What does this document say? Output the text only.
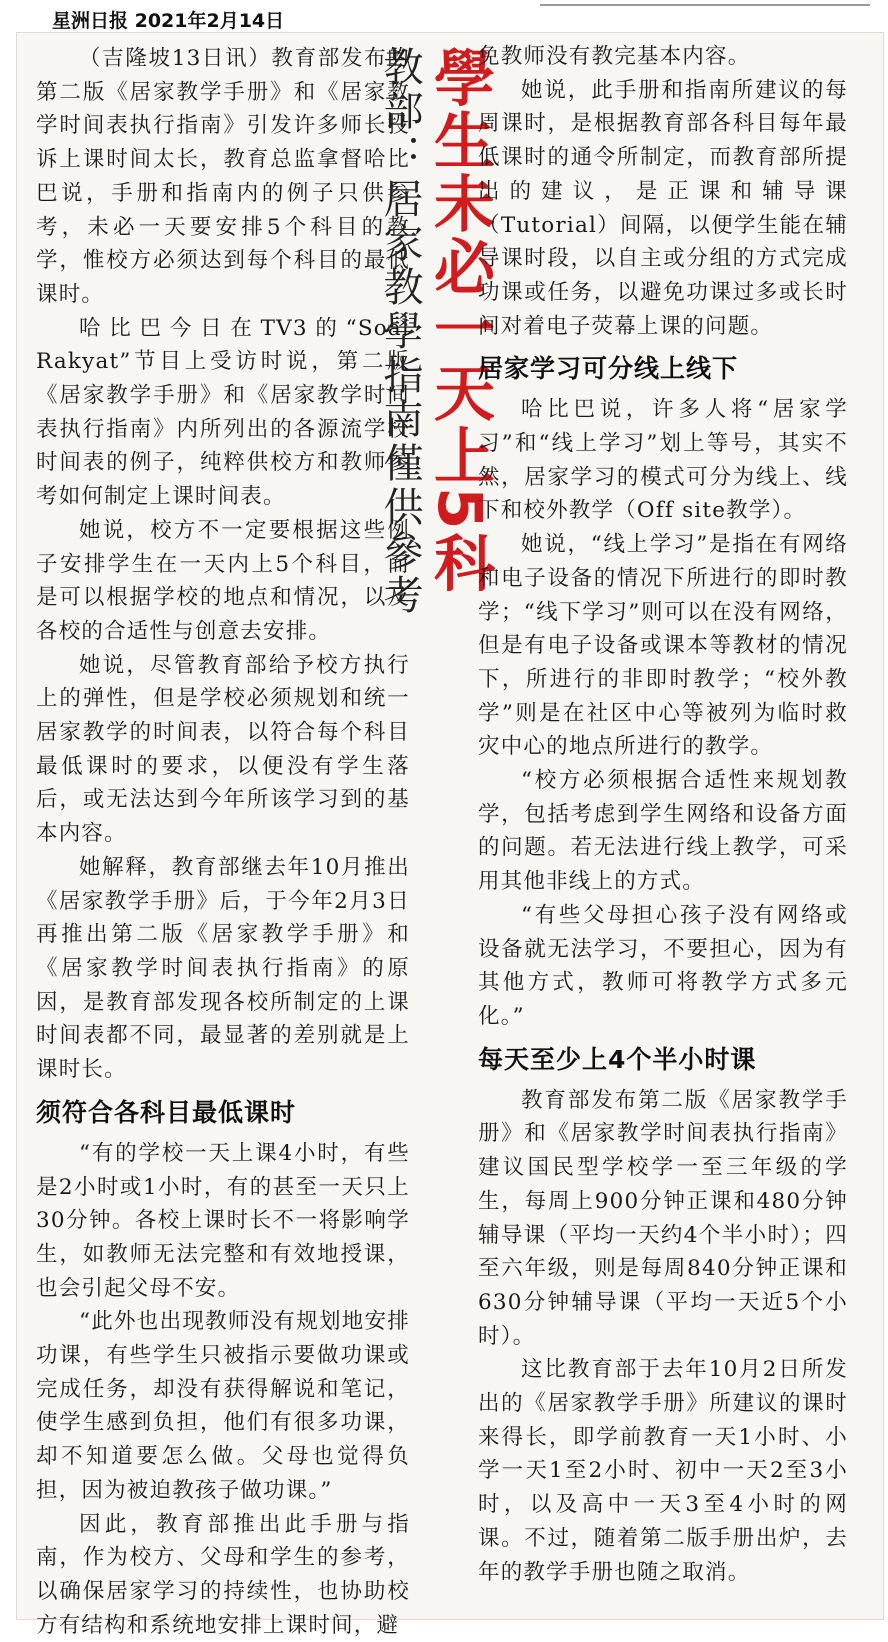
星洲日报 2021年2月14日

（吉隆坡13日讯）教育部发布的第二版《居家教学手册》和《居家教学时间表执行指南》引发许多师长投诉上课时间太长，教育总监拿督哈比巴说，手册和指南内的例子只供参考，未必一天要安排5个科目的教学，惟校方必须达到每个科目的最低课时。

哈比巴今日在TV3的“Soal Rakyat”节目上受访时说，第二版《居家教学手册》和《居家教学时间表执行指南》内所列出的各源流学校时间表的例子，纯粹供校方和教师参考如何制定上课时间表。

她说，校方不一定要根据这些例子安排学生在一天内上5个科目，而是可以根据学校的地点和情况，以及各校的合适性与创意去安排。

她说，尽管教育部给予校方执行上的弹性，但是学校必须规划和统一居家教学的时间表，以符合每个科目最低课时的要求，以便没有学生落后，或无法达到今年所该学习到的基本内容。

她解释，教育部继去年10月推出《居家教学手册》后，于今年2月3日再推出第二版《居家教学手册》和《居家教学时间表执行指南》的原因，是教育部发现各校所制定的上课时间表都不同，最显著的差别就是上课时长。

须符合各科目最低课时

“有的学校一天上课4小时，有些是2小时或1小时，有的甚至一天只上30分钟。各校上课时长不一将影响学生，如教师无法完整和有效地授课，也会引起父母不安。

“此外也出现教师没有规划地安排功课，有些学生只被指示要做功课或完成任务，却没有获得解说和笔记，使学生感到负担，他们有很多功课，却不知道要怎么做。父母也觉得负担，因为被迫教孩子做功课。”

因此，教育部推出此手册与指南，作为校方、父母和学生的参考，以确保居家学习的持续性，也协助校方有结构和系统地安排上课时间，避

教部：居家教學指南僅供參考 學生未必一天上5科

免教师没有教完基本内容。

她说，此手册和指南所建议的每周课时，是根据教育部各科目每年最低课时的通令所制定，而教育部所提出的建议，是正课和辅导课（Tutorial）间隔，以便学生能在辅导课时段，以自主或分组的方式完成功课或任务，以避免功课过多或长时间对着电子荧幕上课的问题。

居家学习可分线上线下

哈比巴说，许多人将“居家学习”和“线上学习”划上等号，其实不然，居家学习的模式可分为线上、线下和校外教学（Off site教学）。

她说，“线上学习”是指在有网络和电子设备的情况下所进行的即时教学；“线下学习”则可以在没有网络，但是有电子设备或课本等教材的情况下，所进行的非即时教学；“校外教学”则是在社区中心等被列为临时救灾中心的地点所进行的教学。

“校方必须根据合适性来规划教学，包括考虑到学生网络和设备方面的问题。若无法进行线上教学，可采用其他非线上的方式。

“有些父母担心孩子没有网络或设备就无法学习，不要担心，因为有其他方式，教师可将教学方式多元化。”

每天至少上4个半小时课

教育部发布第二版《居家教学手册》和《居家教学时间表执行指南》建议国民型学校学一至三年级的学生，每周上900分钟正课和480分钟辅导课（平均一天约4个半小时）；四至六年级，则是每周840分钟正课和630分钟辅导课（平均一天近5个小时）。

这比教育部于去年10月2日所发出的《居家教学手册》所建议的课时来得长，即学前教育一天1小时、小学一天1至2小时、初中一天2至3小时，以及高中一天3至4小时的网课。不过，随着第二版手册出炉，去年的教学手册也随之取消。
